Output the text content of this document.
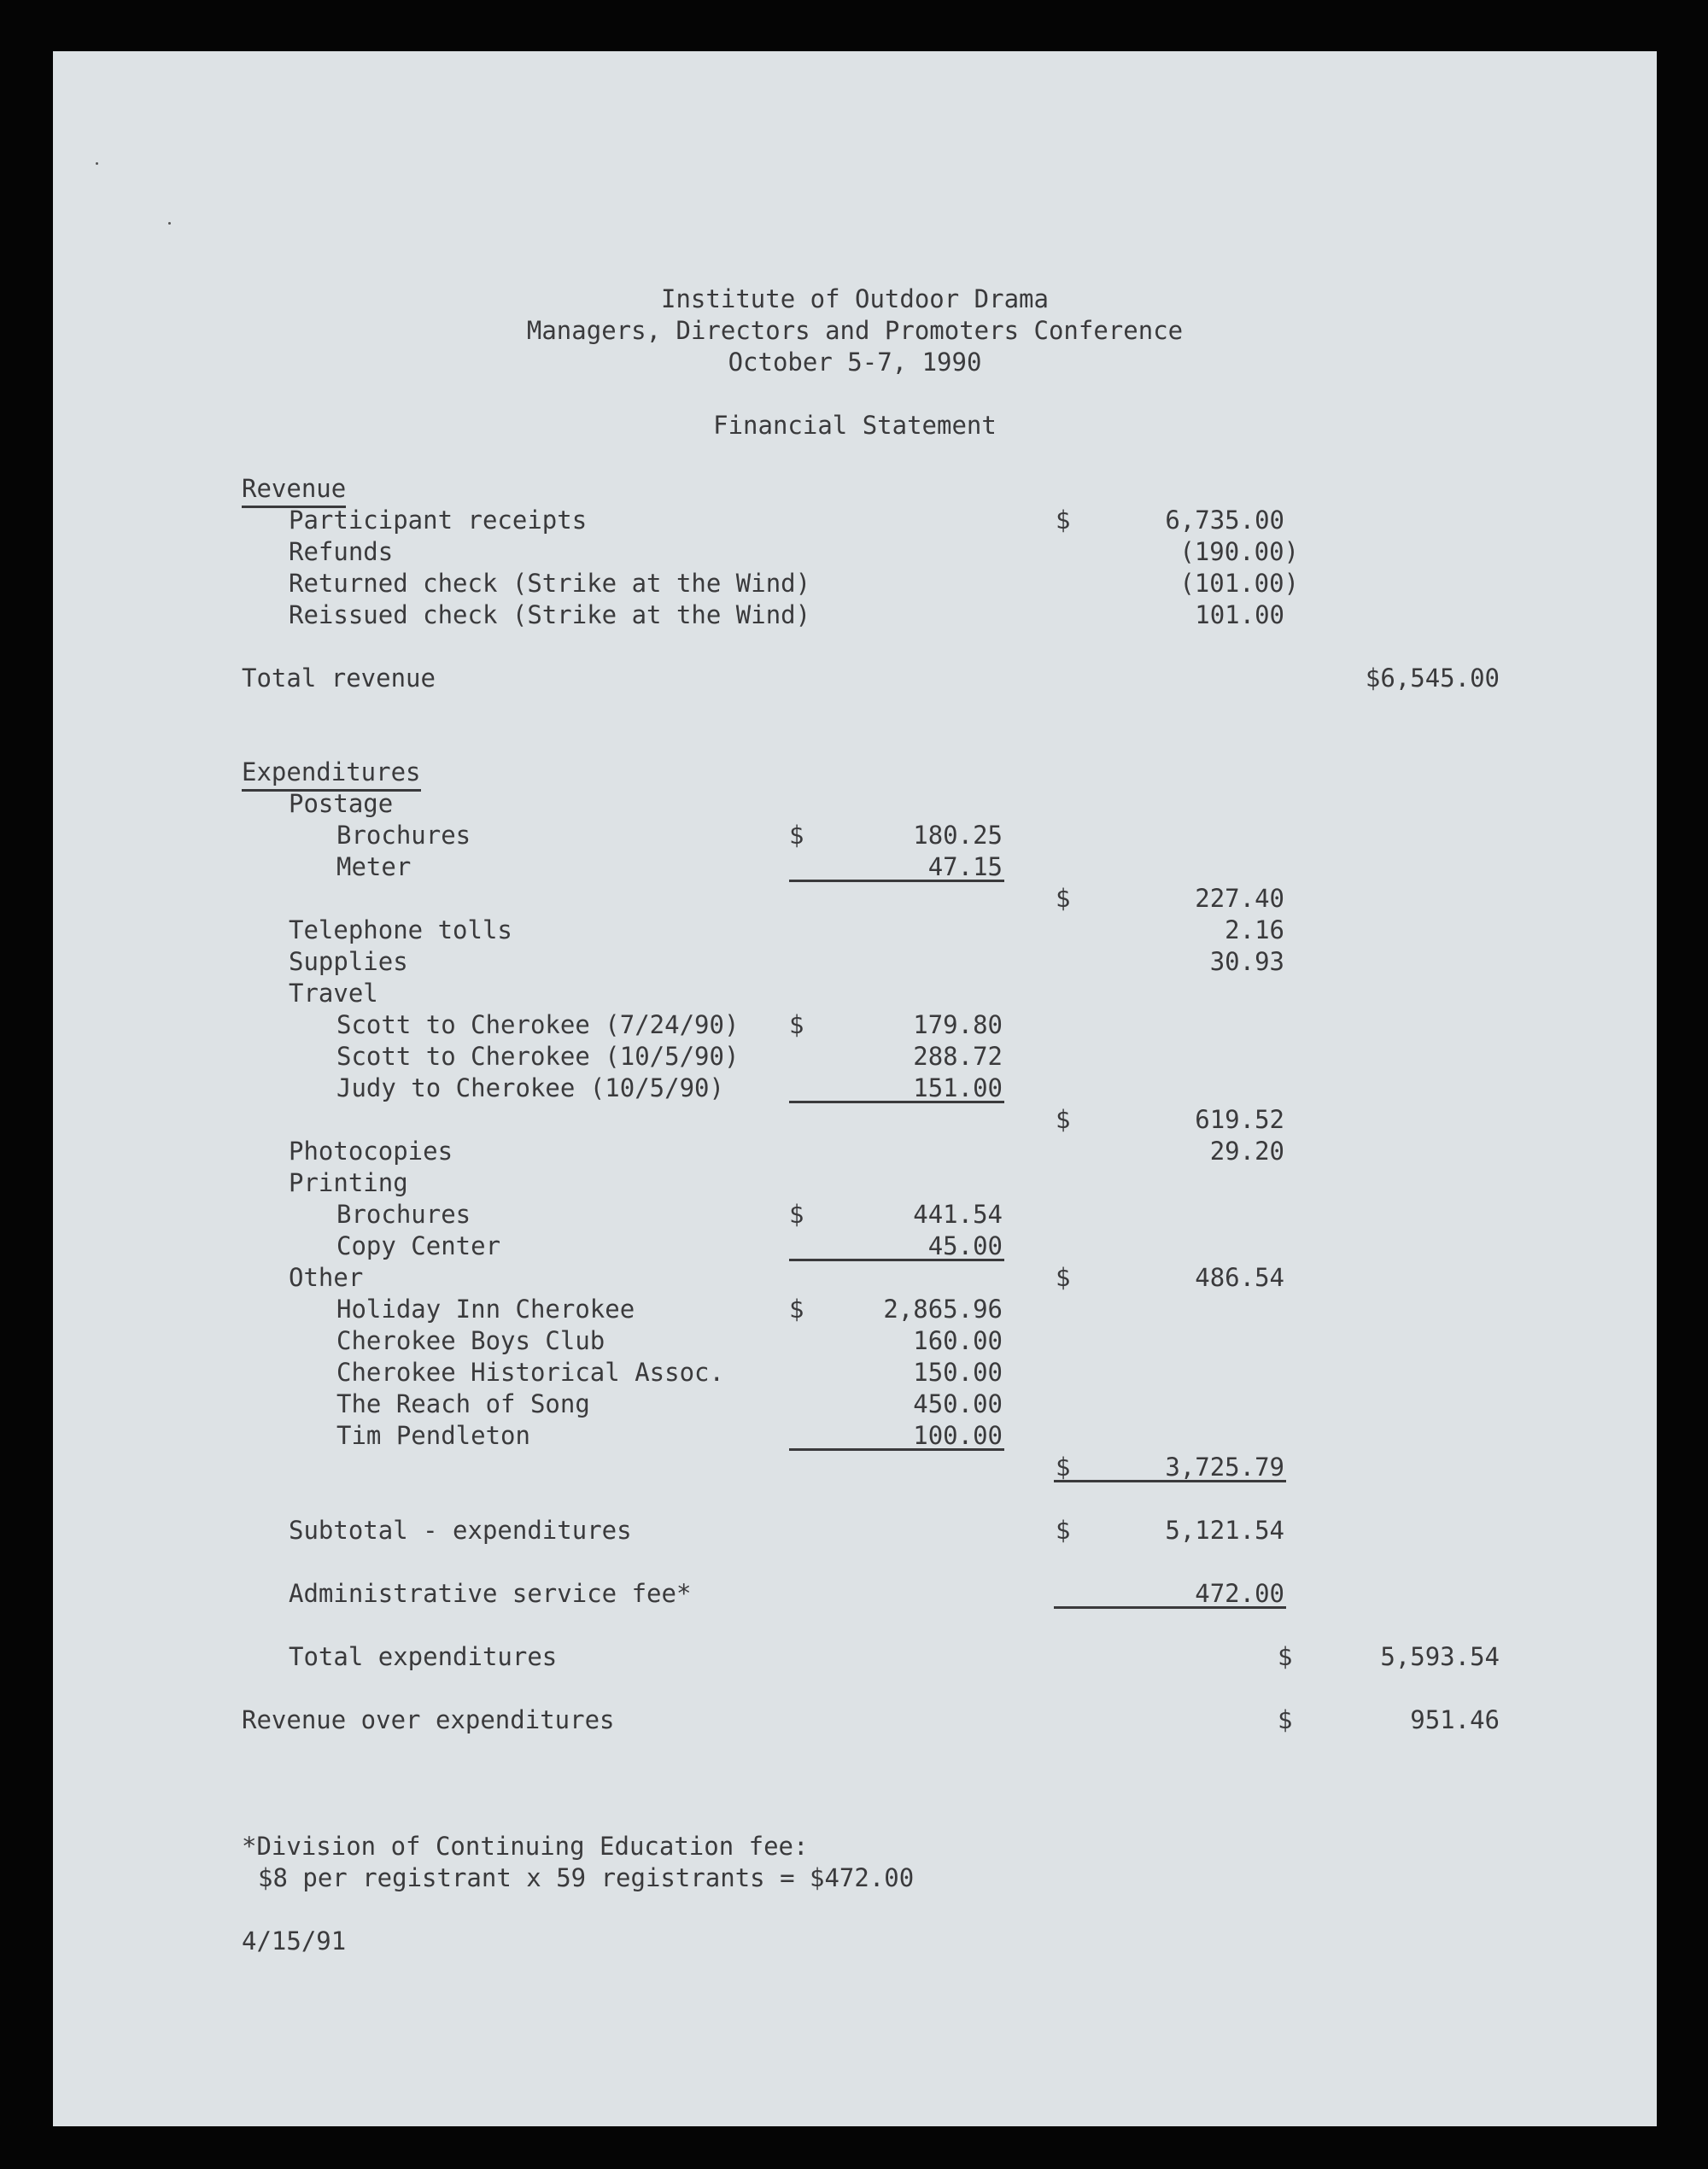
Institute of Outdoor Drama
Managers, Directors and Promoters Conference
October 5-7, 1990
Financial Statement
Revenue
Participant receipts	$	6,735.00
Refunds	(190.00)
Returned check (Strike at the Wind)	(101.00)
Reissued check (Strike at the Wind)	101.00
Total revenue	$6,545.00
Expenditures
Postage
Brochures	$	180.25
Meter	47.15
$	227.40
Telephone tolls	2.16
Supplies	30.93
Travel
Scott to Cherokee (7/24/90) $	179.80
Scott to Cherokee (10/5/90)	288.72
Judy to Cherokee (10/5/90)	151.00
$	619.52
Photocopies	29.20
Printing
Brochures	$	441.54
Copy Center	45.00
Other	$	486.54
Holiday Inn Cherokee	$	2,865.96
Cherokee Boys Club	160.00
Cherokee Historical Assoc.	150.00
The Reach of Song	450.00
Tim Pendleton	100.00
$	3,725.79
Subtotal - expenditures	$	5,121.54
Administrative service fee*	472.00
Total expenditures	$	5,593.54
Revenue over expenditures	$	951.46
*Division of Continuing Education fee:
$8 per registrant x 59 registrants = $472.00
4/15/91
